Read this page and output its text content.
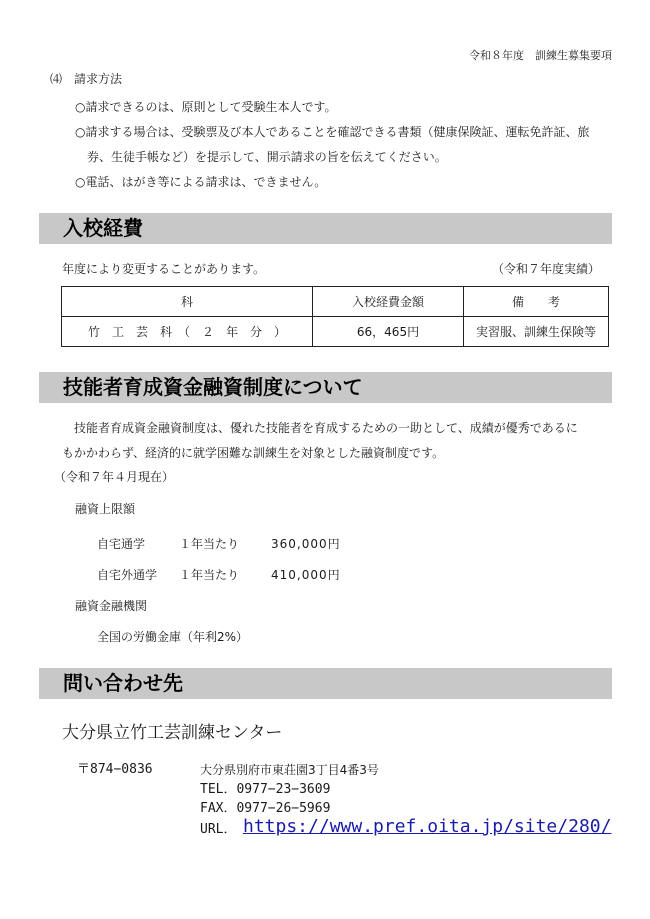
令和８年度　訓練生募集要項
⑷　請求方法
○請求できるのは、原則として受験生本人です。
○請求する場合は、受験票及び本人であることを確認できる書類（健康保険証、運転免許証、旅
券、生徒手帳など）を提示して、開示請求の旨を伝えてください。
○電話、はがき等による請求は、できません。
入校経費
年度により変更することがあります。	（令和７年度実績）
科	入校経費金額	備　　考
竹　工　芸　科　（　２　年　分　）	66，465円	実習服、訓練生保険等
技能者育成資金融資制度について
技能者育成資金融資制度は、優れた技能者を育成するための一助として、成績が優秀であるに
もかかわらず、経済的に就学困難な訓練生を対象とした融資制度です。
（令和７年４月現在）
融資上限額
自宅通学	１年当たり	360,000円
自宅外通学 １年当たり	410,000円
融資金融機関
全国の労働金庫（年利2%）
問い合わせ先
大分県立竹工芸訓練センター
〒874−0836	大分県別府市東荘園3丁目4番3号
TEL．0977−23−3609
FAX．0977−26−5969
URL． https://www.pref.oita.jp/site/280/
